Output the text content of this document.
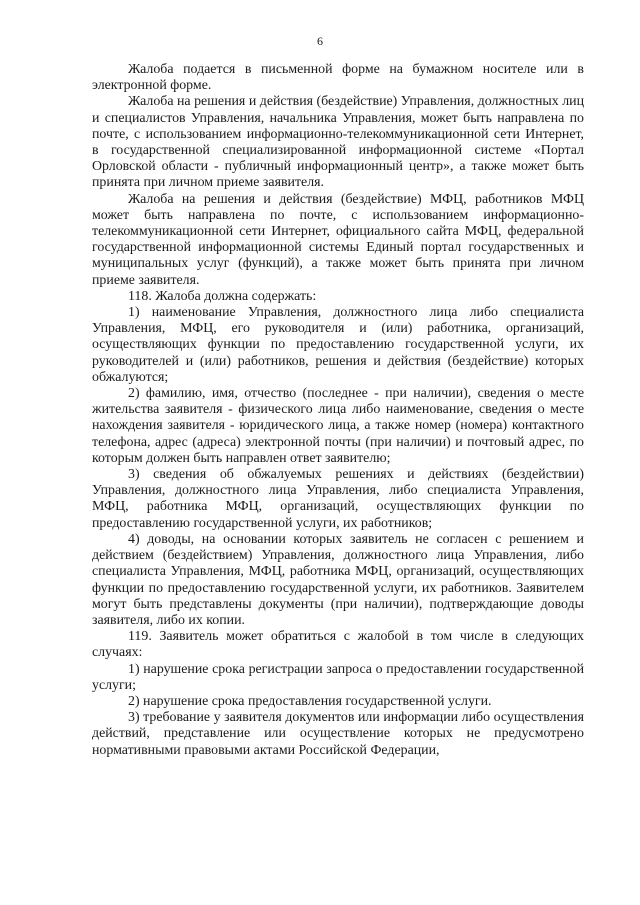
6

Жалоба подается в письменной форме на бумажном носителе или в электронной форме.

Жалоба на решения и действия (бездействие) Управления, должностных лиц и специалистов Управления, начальника Управления, может быть направлена по почте, с использованием информационно-телекоммуникационной сети Интернет, в государственной специализированной информационной системе «Портал Орловской области - публичный информационный центр», а также может быть принята при личном приеме заявителя.

Жалоба на решения и действия (бездействие) МФЦ, работников МФЦ может быть направлена по почте, с использованием информационно-телекоммуникационной сети Интернет, официального сайта МФЦ, федеральной государственной информационной системы Единый портал государственных и муниципальных услуг (функций), а также может быть принята при личном приеме заявителя.

118. Жалоба должна содержать:

1) наименование Управления, должностного лица либо специалиста Управления, МФЦ, его руководителя и (или) работника, организаций, осуществляющих функции по предоставлению государственной услуги, их руководителей и (или) работников, решения и действия (бездействие) которых обжалуются;

2) фамилию, имя, отчество (последнее - при наличии), сведения о месте жительства заявителя - физического лица либо наименование, сведения о месте нахождения заявителя - юридического лица, а также номер (номера) контактного телефона, адрес (адреса) электронной почты (при наличии) и почтовый адрес, по которым должен быть направлен ответ заявителю;

3) сведения об обжалуемых решениях и действиях (бездействии) Управления, должностного лица Управления, либо специалиста Управления, МФЦ, работника МФЦ, организаций, осуществляющих функции по предоставлению государственной услуги, их работников;

4) доводы, на основании которых заявитель не согласен с решением и действием (бездействием) Управления, должностного лица Управления, либо специалиста Управления, МФЦ, работника МФЦ, организаций, осуществляющих функции по предоставлению государственной услуги, их работников. Заявителем могут быть представлены документы (при наличии), подтверждающие доводы заявителя, либо их копии.

119. Заявитель может обратиться с жалобой в том числе в следующих случаях:

1) нарушение срока регистрации запроса о предоставлении государственной услуги;

2) нарушение срока предоставления государственной услуги.

3) требование у заявителя документов или информации либо осуществления действий, представление или осуществление которых не предусмотрено нормативными правовыми актами Российской Федерации,
